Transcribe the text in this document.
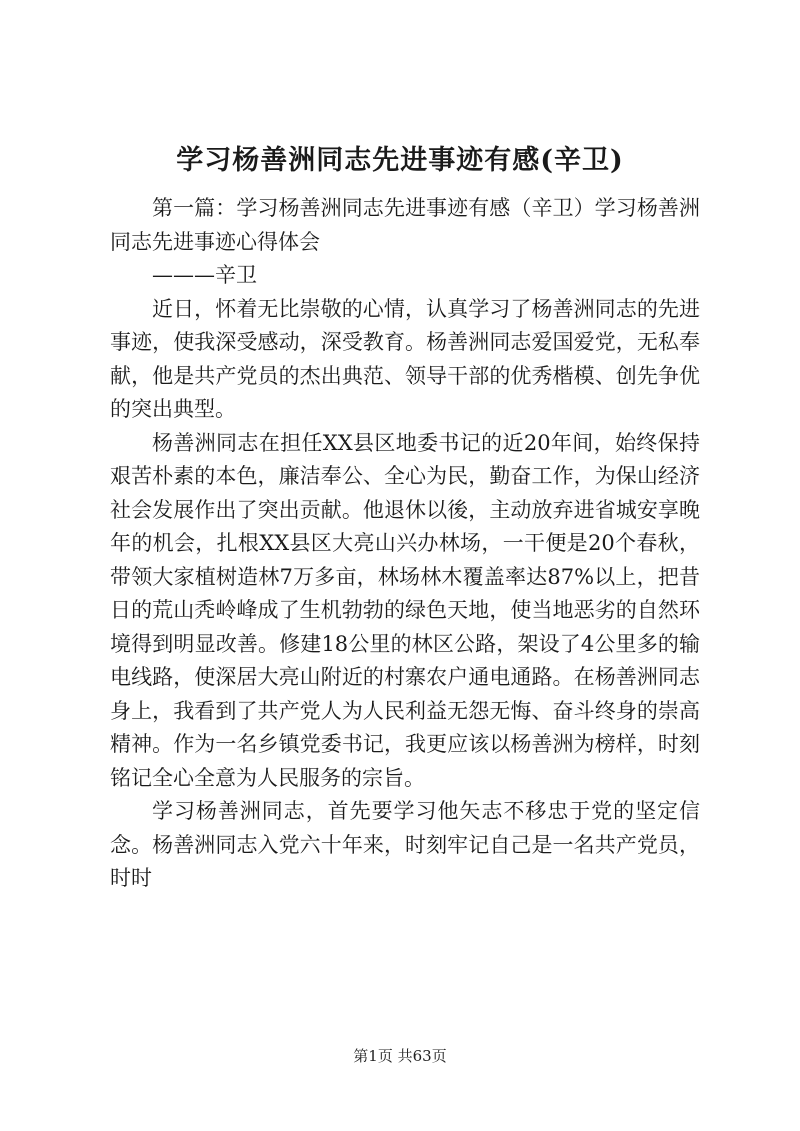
学习杨善洲同志先进事迹有感(辛卫)

第一篇：学习杨善洲同志先进事迹有感（辛卫）学习杨善洲同志先进事迹心得体会

———辛卫

近日，怀着无比崇敬的心情，认真学习了杨善洲同志的先进事迹，使我深受感动，深受教育。杨善洲同志爱国爱党，无私奉献，他是共产党员的杰出典范、领导干部的优秀楷模、创先争优的突出典型。

杨善洲同志在担任XX县区地委书记的近20年间，始终保持艰苦朴素的本色，廉洁奉公、全心为民，勤奋工作，为保山经济社会发展作出了突出贡献。他退休以後，主动放弃进省城安享晚年的机会，扎根XX县区大亮山兴办林场，一干便是20个春秋，带领大家植树造林7万多亩，林场林木覆盖率达87%以上，把昔日的荒山秃岭峰成了生机勃勃的绿色天地，使当地恶劣的自然环境得到明显改善。修建18公里的林区公路，架设了4公里多的输电线路，使深居大亮山附近的村寨农户通电通路。在杨善洲同志身上，我看到了共产党人为人民利益无怨无悔、奋斗终身的崇高精神。作为一名乡镇党委书记，我更应该以杨善洲为榜样，时刻铭记全心全意为人民服务的宗旨。

学习杨善洲同志，首先要学习他矢志不移忠于党的坚定信念。杨善洲同志入党六十年来，时刻牢记自己是一名共产党员，时时

第1页 共63页
